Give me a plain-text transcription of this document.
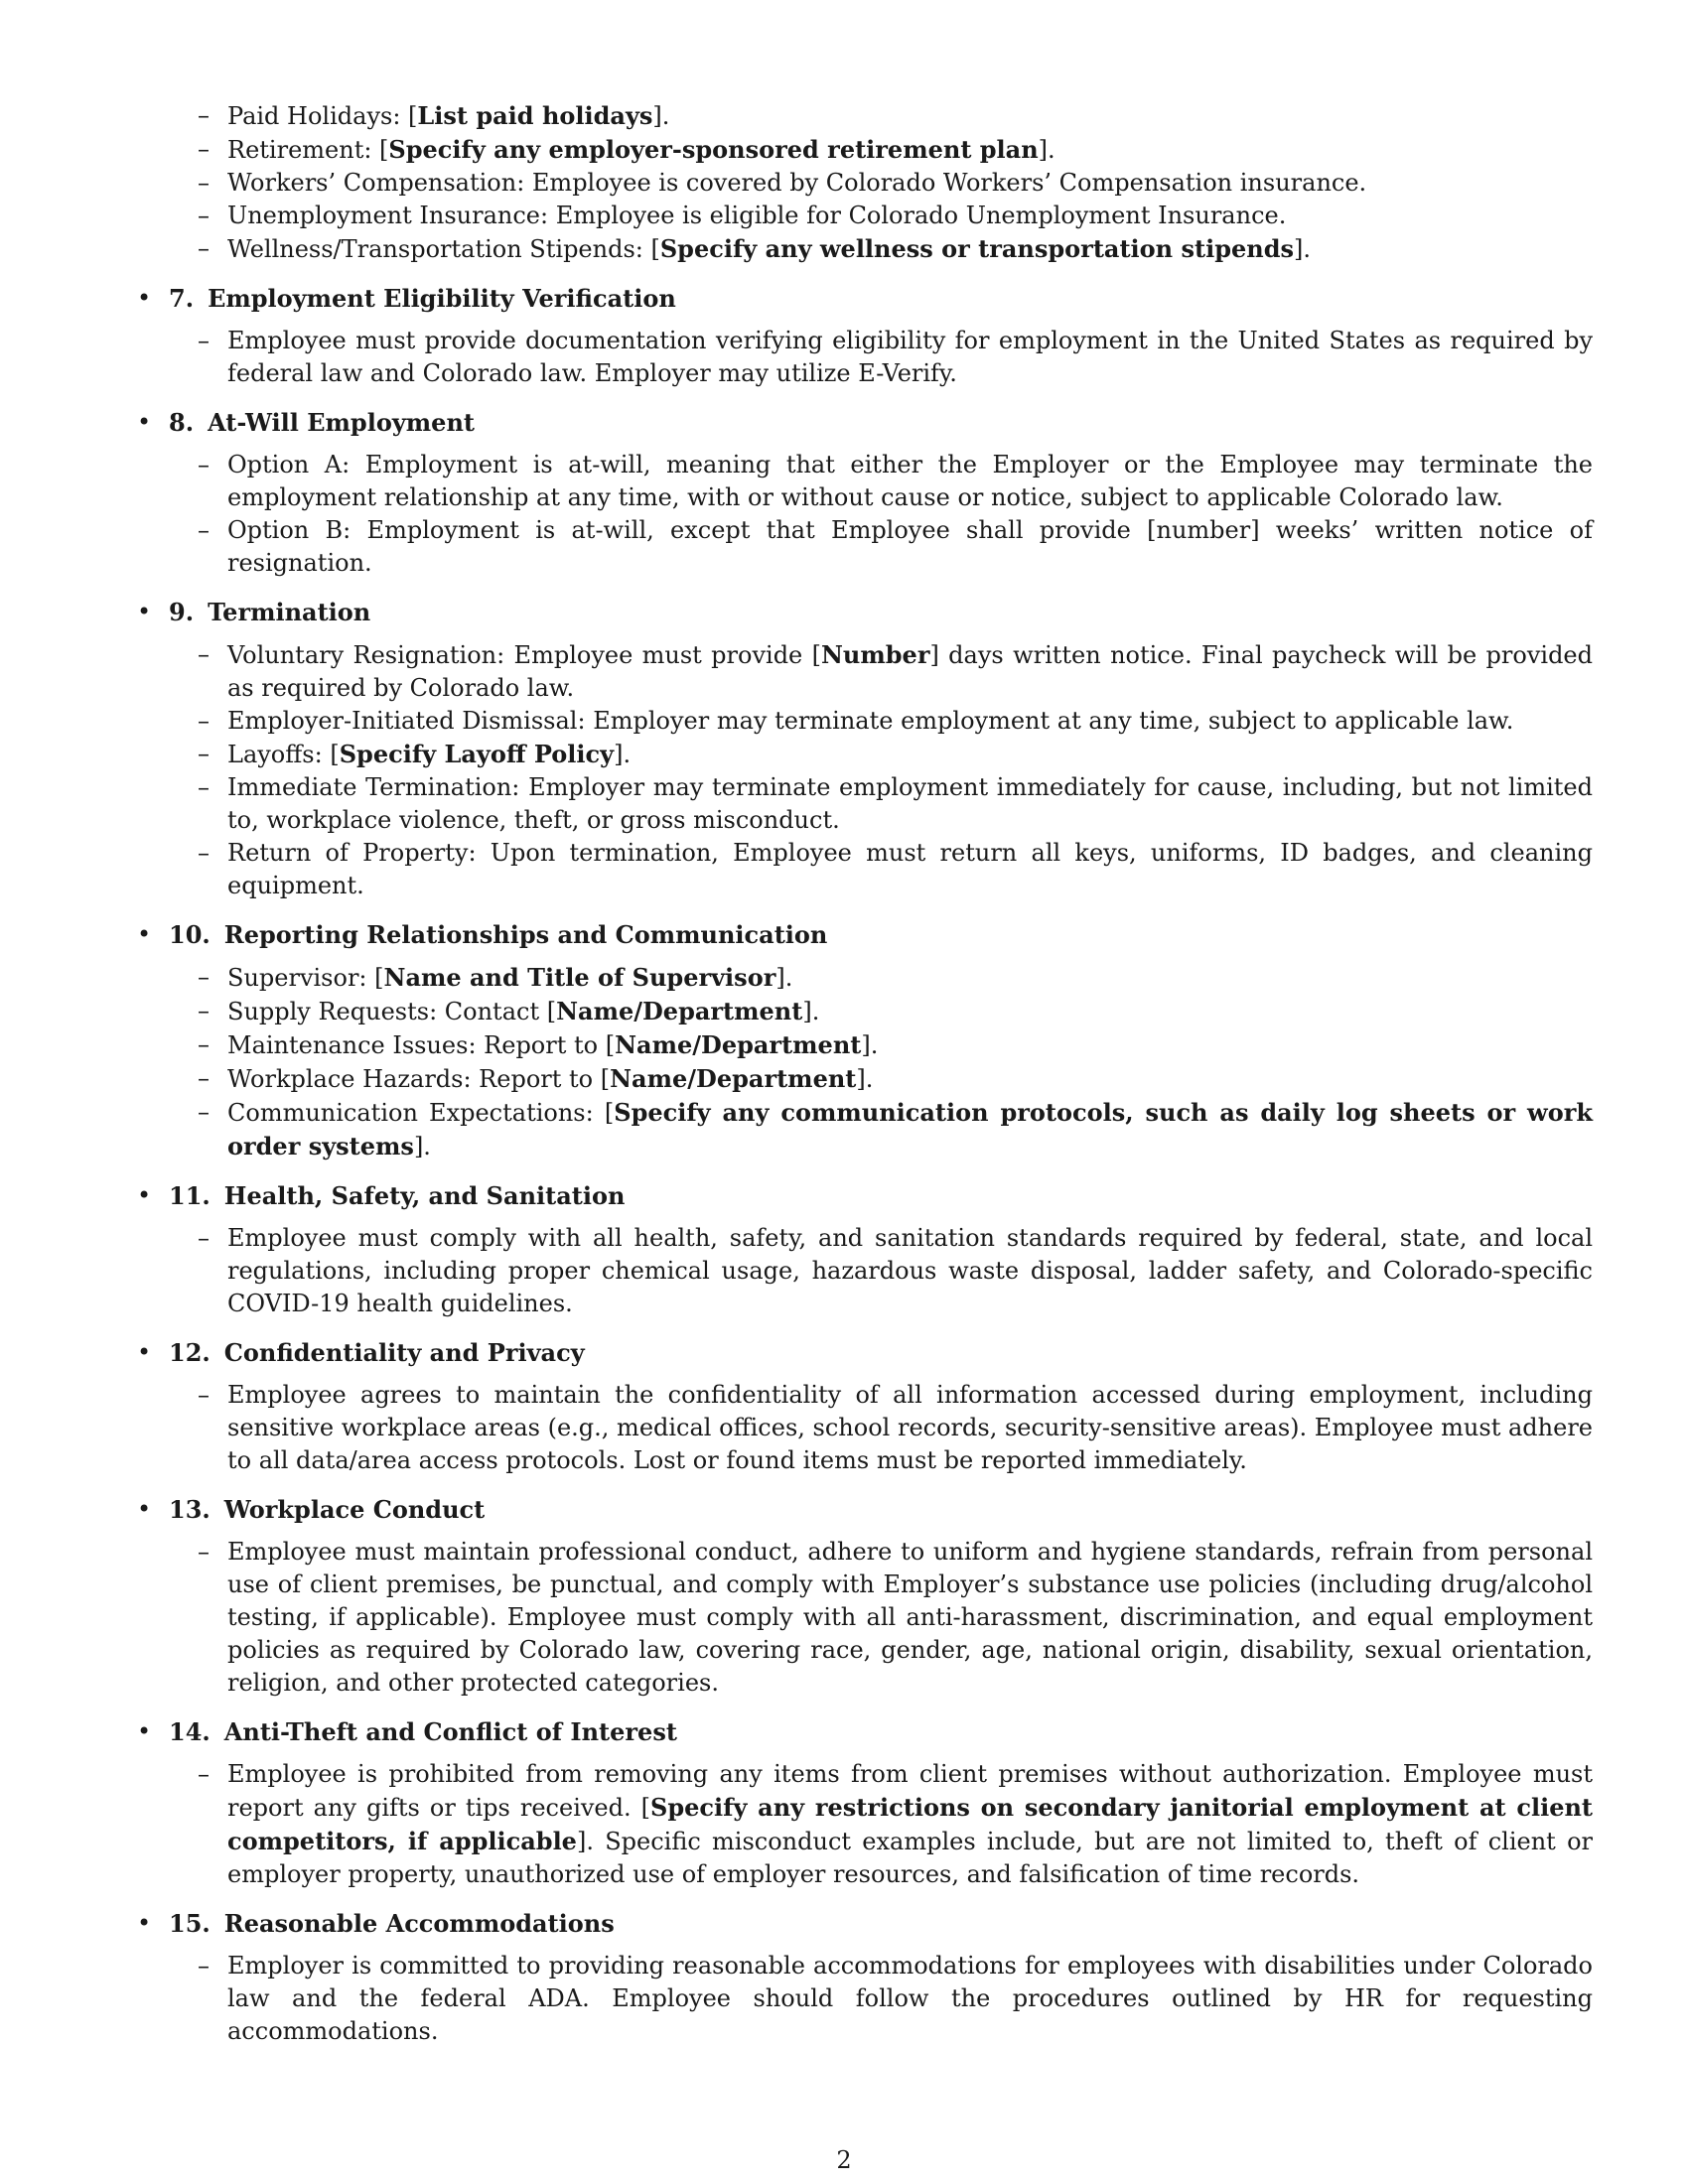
– Paid Holidays: [List paid holidays].
– Retirement: [Specify any employer-sponsored retirement plan].
– Workers’ Compensation: Employee is covered by Colorado Workers’ Compensation insurance.
– Unemployment Insurance: Employee is eligible for Colorado Unemployment Insurance.
– Wellness/Transportation Stipends: [Specify any wellness or transportation stipends].
• 7. Employment Eligibility Verification
– Employee must provide documentation verifying eligibility for employment in the United States as required by federal law and Colorado law. Employer may utilize E-Verify.
• 8. At-Will Employment
– Option A: Employment is at-will, meaning that either the Employer or the Employee may terminate the employment relationship at any time, with or without cause or notice, subject to applicable Colorado law.
– Option B: Employment is at-will, except that Employee shall provide [number] weeks’ written notice of resignation.
• 9. Termination
– Voluntary Resignation: Employee must provide [Number] days written notice. Final paycheck will be provided as required by Colorado law.
– Employer-Initiated Dismissal: Employer may terminate employment at any time, subject to applicable law.
– Layoffs: [Specify Layoff Policy].
– Immediate Termination: Employer may terminate employment immediately for cause, including, but not limited to, workplace violence, theft, or gross misconduct.
– Return of Property: Upon termination, Employee must return all keys, uniforms, ID badges, and cleaning equipment.
• 10. Reporting Relationships and Communication
– Supervisor: [Name and Title of Supervisor].
– Supply Requests: Contact [Name/Department].
– Maintenance Issues: Report to [Name/Department].
– Workplace Hazards: Report to [Name/Department].
– Communication Expectations: [Specify any communication protocols, such as daily log sheets or work order systems].
• 11. Health, Safety, and Sanitation
– Employee must comply with all health, safety, and sanitation standards required by federal, state, and local regulations, including proper chemical usage, hazardous waste disposal, ladder safety, and Colorado-specific COVID-19 health guidelines.
• 12. Confidentiality and Privacy
– Employee agrees to maintain the confidentiality of all information accessed during employment, including sensitive workplace areas (e.g., medical offices, school records, security-sensitive areas). Employee must adhere to all data/area access protocols. Lost or found items must be reported immediately.
• 13. Workplace Conduct
– Employee must maintain professional conduct, adhere to uniform and hygiene standards, refrain from personal use of client premises, be punctual, and comply with Employer’s substance use policies (including drug/alcohol testing, if applicable). Employee must comply with all anti-harassment, discrimination, and equal employment policies as required by Colorado law, covering race, gender, age, national origin, disability, sexual orientation, religion, and other protected categories.
• 14. Anti-Theft and Conflict of Interest
– Employee is prohibited from removing any items from client premises without authorization. Employee must report any gifts or tips received. [Specify any restrictions on secondary janitorial employment at client competitors, if applicable]. Specific misconduct examples include, but are not limited to, theft of client or employer property, unauthorized use of employer resources, and falsification of time records.
• 15. Reasonable Accommodations
– Employer is committed to providing reasonable accommodations for employees with disabilities under Colorado law and the federal ADA. Employee should follow the procedures outlined by HR for requesting accommodations.
2
